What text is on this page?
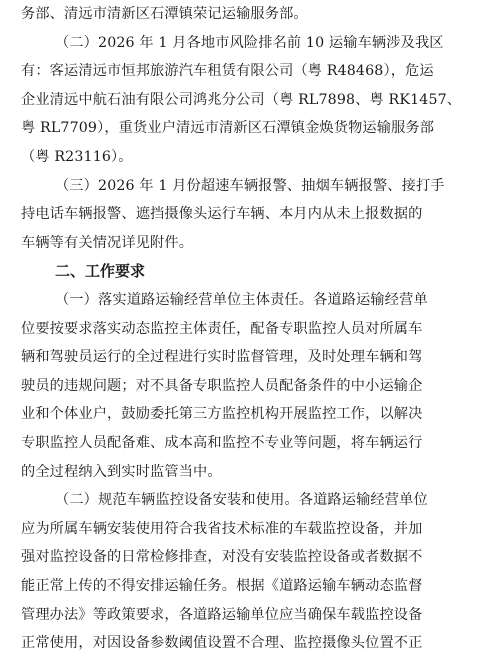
务部、清远市清新区石潭镇荣记运输服务部。
（二）2026 年 1 月各地市风险排名前 10 运输车辆涉及我区
有：客运清远市恒邦旅游汽车租赁有限公司（粤 R48468），危运
企业清远中航石油有限公司鸿兆分公司（粤 RL7898、粤 RK1457、
粤 RL7709），重货业户清远市清新区石潭镇金焕货物运输服务部
（粤 R23116）。
（三）2026 年 1 月份超速车辆报警、抽烟车辆报警、接打手
持电话车辆报警、遮挡摄像头运行车辆、本月内从未上报数据的
车辆等有关情况详见附件。
二、工作要求
（一）落实道路运输经营单位主体责任。各道路运输经营单
位要按要求落实动态监控主体责任，配备专职监控人员对所属车
辆和驾驶员运行的全过程进行实时监督管理，及时处理车辆和驾
驶员的违规问题；对不具备专职监控人员配备条件的中小运输企
业和个体业户，鼓励委托第三方监控机构开展监控工作，以解决
专职监控人员配备难、成本高和监控不专业等问题，将车辆运行
的全过程纳入到实时监管当中。
（二）规范车辆监控设备安装和使用。各道路运输经营单位
应为所属车辆安装使用符合我省技术标准的车载监控设备，并加
强对监控设备的日常检修排查，对没有安装监控设备或者数据不
能正常上传的不得安排运输任务。根据《道路运输车辆动态监督
管理办法》等政策要求，各道路运输单位应当确保车载监控设备
正常使用，对因设备参数阈值设置不合理、监控摄像头位置不正
